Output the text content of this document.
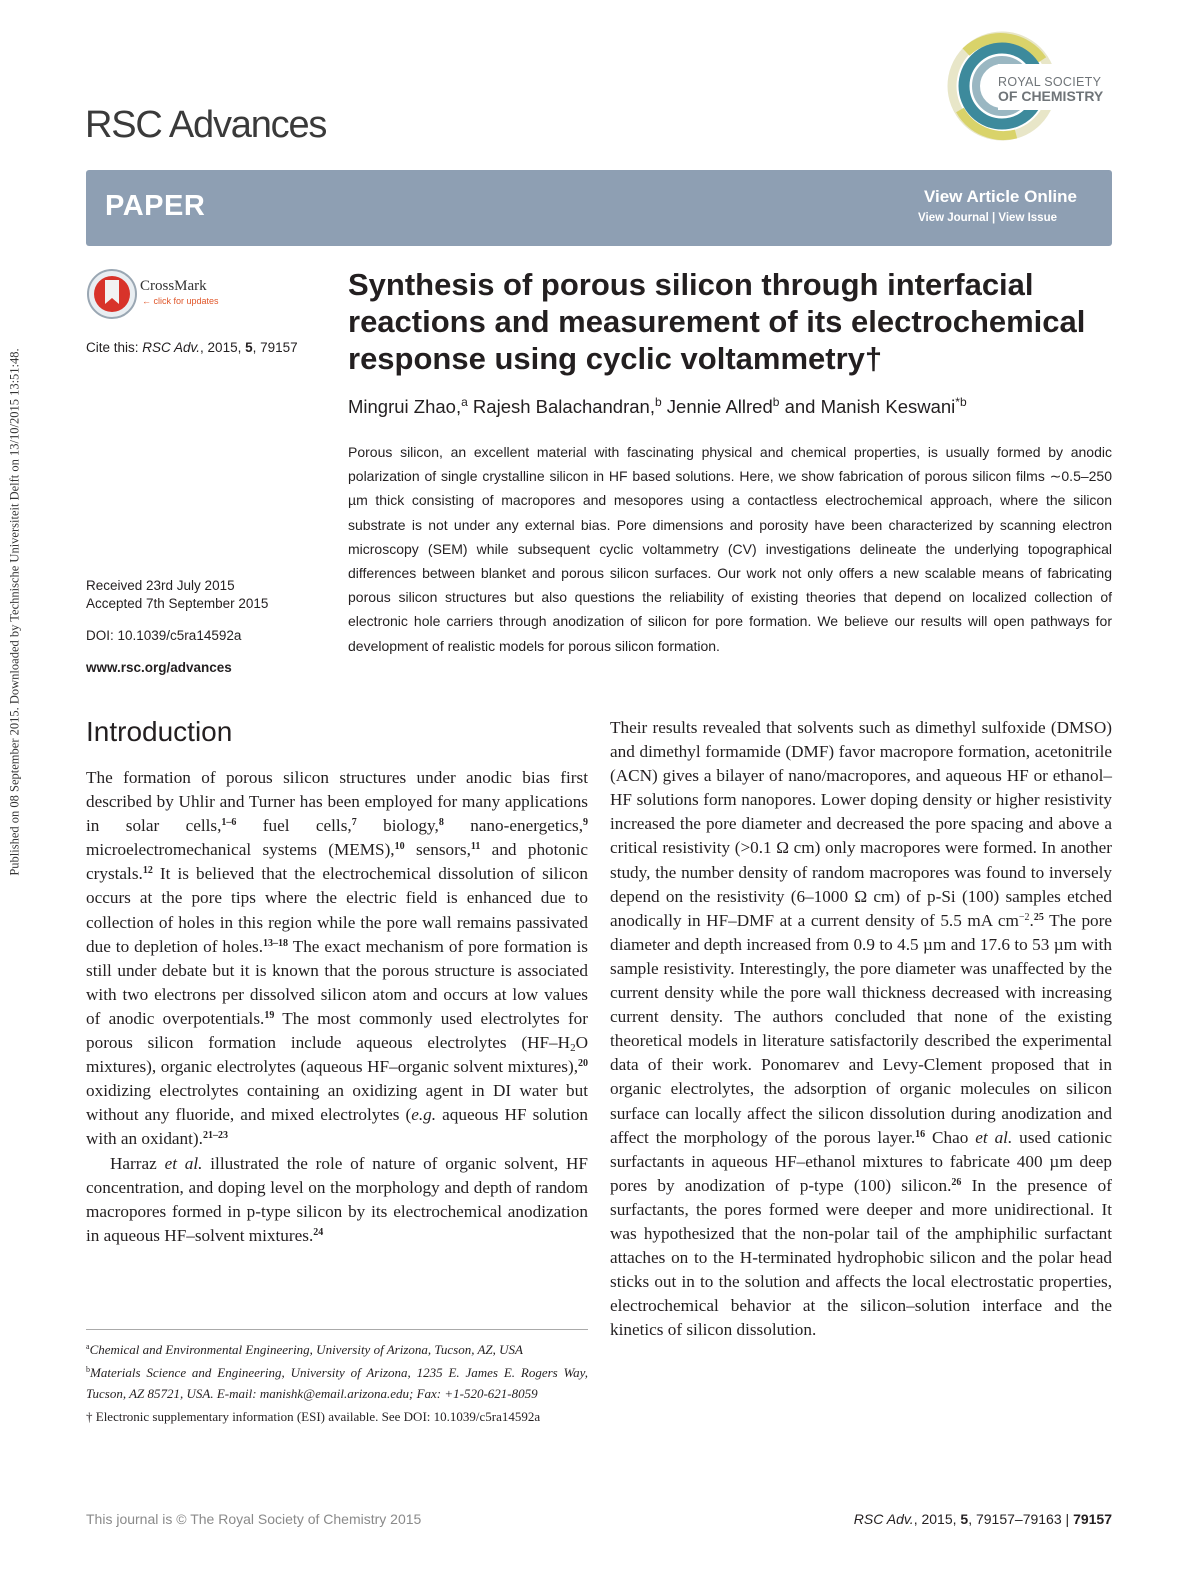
Published on 08 September 2015. Downloaded by Technische Universiteit Delft on 13/10/2015 13:51:48.
RSC Advances
ROYAL SOCIETY
OF CHEMISTRY
PAPER	View Article Online
View Journal | View Issue
CrossMark
← click for updates
Cite this: RSC Adv., 2015, 5, 79157
Received 23rd July 2015
Accepted 7th September 2015
DOI: 10.1039/c5ra14592a
www.rsc.org/advances
Synthesis of porous silicon through interfacial reactions and measurement of its electrochemical response using cyclic voltammetry†
Mingrui Zhao,$^a$ Rajesh Balachandran,$^b$ Jennie Allred$^b$ and Manish Keswani$^{*b}$
Porous silicon, an excellent material with fascinating physical and chemical properties, is usually formed by anodic polarization of single crystalline silicon in HF based solutions. Here, we show fabrication of porous silicon films ∼0.5–250 µm thick consisting of macropores and mesopores using a contactless electrochemical approach, where the silicon substrate is not under any external bias. Pore dimensions and porosity have been characterized by scanning electron microscopy (SEM) while subsequent cyclic voltammetry (CV) investigations delineate the underlying topographical differences between blanket and porous silicon surfaces. Our work not only offers a new scalable means of fabricating porous silicon structures but also questions the reliability of existing theories that depend on localized collection of electronic hole carriers through anodization of silicon for pore formation. We believe our results will open pathways for development of realistic models for porous silicon formation.
Introduction

The formation of porous silicon structures under anodic bias first described by Uhlir and Turner has been employed for many applications in solar cells,$^{1-6}$ fuel cells,$^7$ biology,$^8$ nano-energetics,$^9$ microelectromechanical systems (MEMS),$^{10}$ sensors,$^{11}$ and photonic crystals.$^{12}$ It is believed that the electrochemical dissolution of silicon occurs at the pore tips where the electric field is enhanced due to collection of holes in this region while the pore wall remains passivated due to depletion of holes.$^{13-18}$ The exact mechanism of pore formation is still under debate but it is known that the porous structure is associated with two electrons per dissolved silicon atom and occurs at low values of anodic overpotentials.$^{19}$ The most commonly used electrolytes for porous silicon formation include aqueous electrolytes ($HF-H_2O$ mixtures), organic electrolytes (aqueous HF–organic solvent mixtures),$^{20}$ oxidizing electrolytes containing an oxidizing agent in DI water but without any fluoride, and mixed electrolytes (e.g. aqueous HF solution with an oxidant).$^{21-23}$

Harraz et al. illustrated the role of nature of organic solvent, HF concentration, and doping level on the morphology and depth of random macropores formed in p-type silicon by its electrochemical anodization in aqueous HF–solvent mixtures.$^{24}$

$^a$Chemical and Environmental Engineering, University of Arizona, Tucson, AZ, USA

$^b$Materials Science and Engineering, University of Arizona, 1235 E. James E. Rogers Way, Tucson, AZ 85721, USA. E-mail: manishk@email.arizona.edu; Fax: +1-520-621-8059

† Electronic supplementary information (ESI) available. See DOI: 10.1039/c5ra14592a

Their results revealed that solvents such as dimethyl sulfoxide (DMSO) and dimethyl formamide (DMF) favor macropore formation, acetonitrile (ACN) gives a bilayer of nano/macropores, and aqueous HF or ethanol–HF solutions form nanopores. Lower doping density or higher resistivity increased the pore diameter and decreased the pore spacing and above a critical resistivity (>0.1 Ω cm) only macropores were formed. In another study, the number density of random macropores was found to inversely depend on the resistivity (6–1000 Ω cm) of p-Si (100) samples etched anodically in HF–DMF at a current density of 5.5 mA $cm^{-2}.^{25}$ The pore diameter and depth increased from 0.9 to 4.5 µm and 17.6 to 53 µm with sample resistivity. Interestingly, the pore diameter was unaffected by the current density while the pore wall thickness decreased with increasing current density. The authors concluded that none of the existing theoretical models in literature satisfactorily described the experimental data of their work. Ponomarev and Levy-Clement proposed that in organic electrolytes, the adsorption of organic molecules on silicon surface can locally affect the silicon dissolution during anodization and affect the morphology of the porous layer.$^{16}$ Chao et al. used cationic surfactants in aqueous HF–ethanol mixtures to fabricate 400 µm deep pores by anodization of p-type (100) silicon.$^{26}$ In the presence of surfactants, the pores formed were deeper and more unidirectional. It was hypothesized that the non-polar tail of the amphiphilic surfactant attaches on to the H-terminated hydrophobic silicon and the polar head sticks out in to the solution and affects the local electrostatic properties, electrochemical behavior at the silicon–solution interface and the kinetics of silicon dissolution.

This journal is © The Royal Society of Chemistry 2015	RSC Adv., 2015, 5, 79157–79163 | 79157
